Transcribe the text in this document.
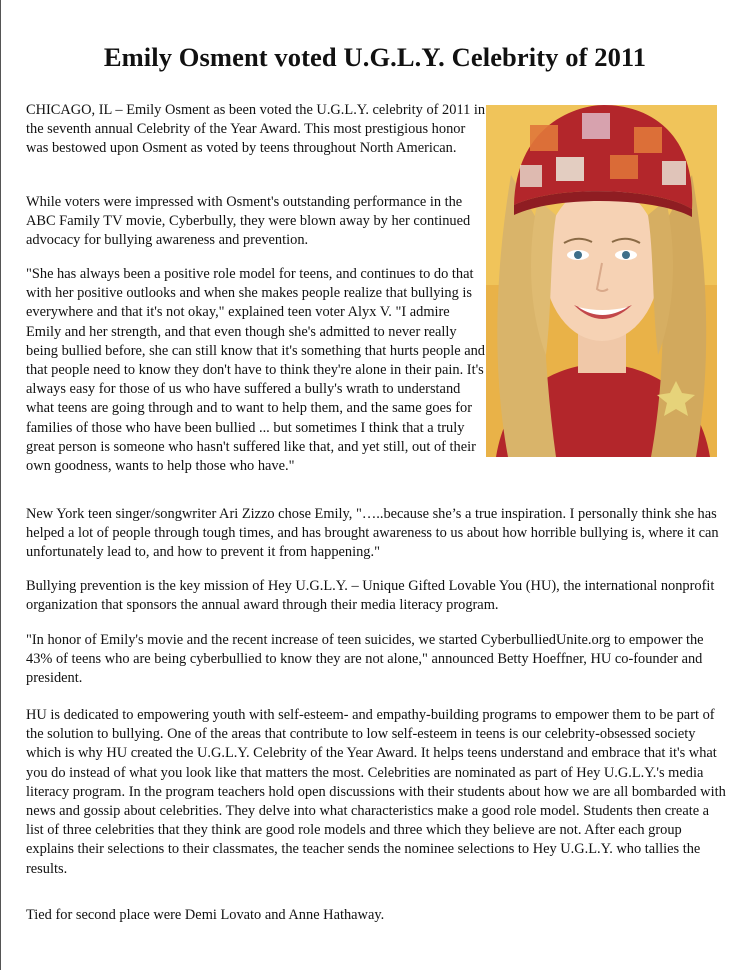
Emily Osment voted U.G.L.Y. Celebrity of 2011

CHICAGO, IL – Emily Osment as been voted the U.G.L.Y. celebrity of 2011 in the seventh annual Celebrity of the Year Award. This most prestigious honor was bestowed upon Osment as voted by teens throughout North American.

While voters were impressed with Osment's outstanding performance in the ABC Family TV movie, Cyberbully, they were blown away by her continued advocacy for bullying awareness and prevention.

"She has always been a positive role model for teens, and continues to do that with her positive outlooks and when she makes people realize that bullying is everywhere and that it's not okay," explained teen voter Alyx V. "I admire Emily and her strength, and that even though she's admitted to never really being bullied before, she can still know that it's something that hurts people and that people need to know they don't have to think they're alone in their pain. It's always easy for those of us who have suffered a bully's wrath to understand what teens are going through and to want to help them, and the same goes for families of those who have been bullied ... but sometimes I think that a truly great person is someone who hasn't suffered like that, and yet still, out of their own goodness, wants to help those who have."

New York teen singer/songwriter Ari Zizzo chose Emily, "…..because she’s a true inspiration. I personally think she has helped a lot of people through tough times, and has brought awareness to us about how horrible bullying is, where it can unfortunately lead to, and how to prevent it from happening."

Bullying prevention is the key mission of Hey U.G.L.Y. – Unique Gifted Lovable You (HU), the international nonprofit organization that sponsors the annual award through their media literacy program.

"In honor of Emily's movie and the recent increase of teen suicides, we started CyberbulliedUnite.org to empower the 43% of teens who are being cyberbullied to know they are not alone," announced Betty Hoeffner, HU co-founder and president.

HU is dedicated to empowering youth with self-esteem- and empathy-building programs to empower them to be part of the solution to bullying. One of the areas that contribute to low self-esteem in teens is our celebrity-obsessed society which is why HU created the U.G.L.Y. Celebrity of the Year Award. It helps teens understand and embrace that it's what you do instead of what you look like that matters the most. Celebrities are nominated as part of Hey U.G.L.Y.'s media literacy program. In the program teachers hold open discussions with their students about how we are all bombarded with news and gossip about celebrities. They delve into what characteristics make a good role model. Students then create a list of three celebrities that they think are good role models and three which they believe are not. After each group explains their selections to their classmates, the teacher sends the nominee selections to Hey U.G.L.Y. who tallies the results.

Tied for second place were Demi Lovato and Anne Hathaway.
